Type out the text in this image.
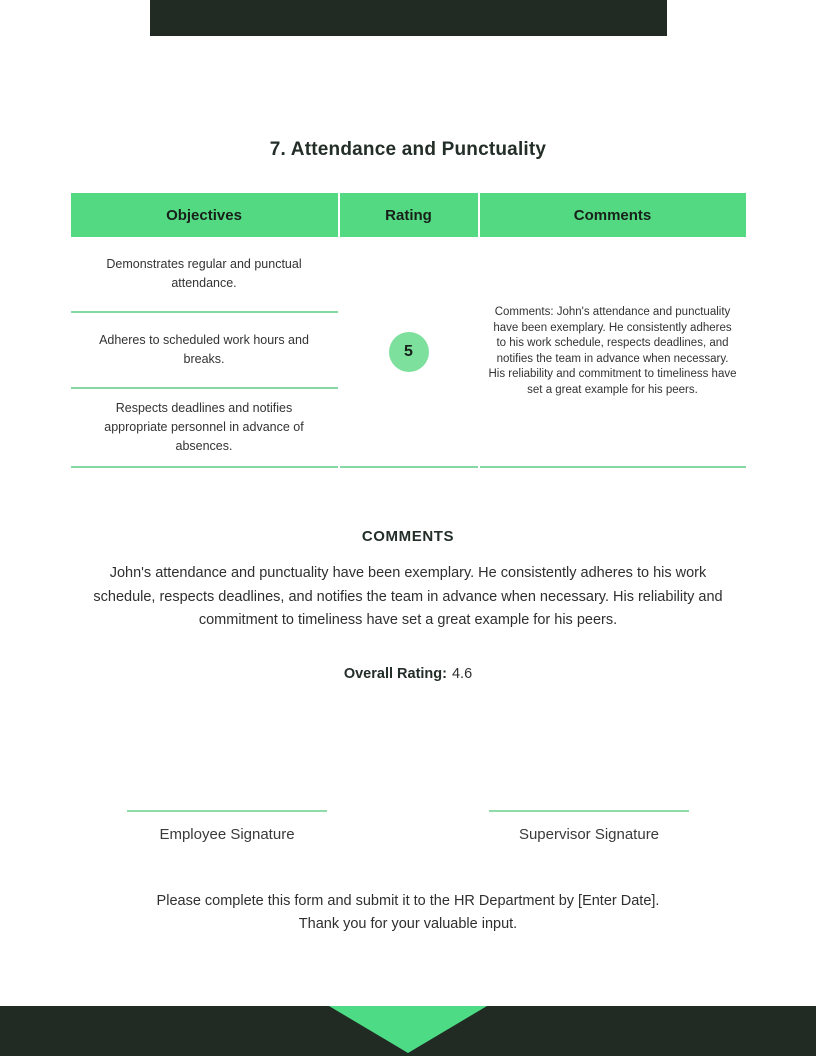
7. Attendance and Punctuality
Objectives	Rating	Comments
Demonstrates regular and punctual attendance.	5	Comments: John's attendance and punctuality have been exemplary. He consistently adheres to his work schedule, respects deadlines, and notifies the team in advance when necessary. His reliability and commitment to timeliness have set a great example for his peers.
Adheres to scheduled work hours and breaks.		
Respects deadlines and notifies appropriate personnel in advance of absences.		
COMMENTS

John's attendance and punctuality have been exemplary. He consistently adheres to his work schedule, respects deadlines, and notifies the team in advance when necessary. His reliability and commitment to timeliness have set a great example for his peers.

Overall Rating: 4.6
Employee Signature	Supervisor Signature
Please complete this form and submit it to the HR Department by [Enter Date].
Thank you for your valuable input.
